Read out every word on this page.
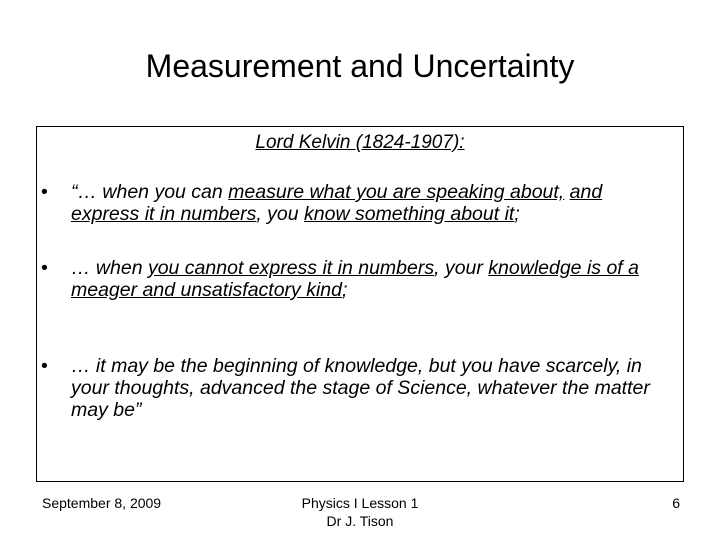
Measurement and Uncertainty
Lord Kelvin (1824-1907):
• “… when you can measure what you are speaking about, and express it in numbers, you know something about it;
• … when you cannot express it in numbers, your knowledge is of a meager and unsatisfactory kind;
• … it may be the beginning of knowledge, but you have scarcely, in your thoughts, advanced the stage of Science, whatever the matter may be”
September 8, 2009	Physics I Lesson 1
Dr J. Tison
6
